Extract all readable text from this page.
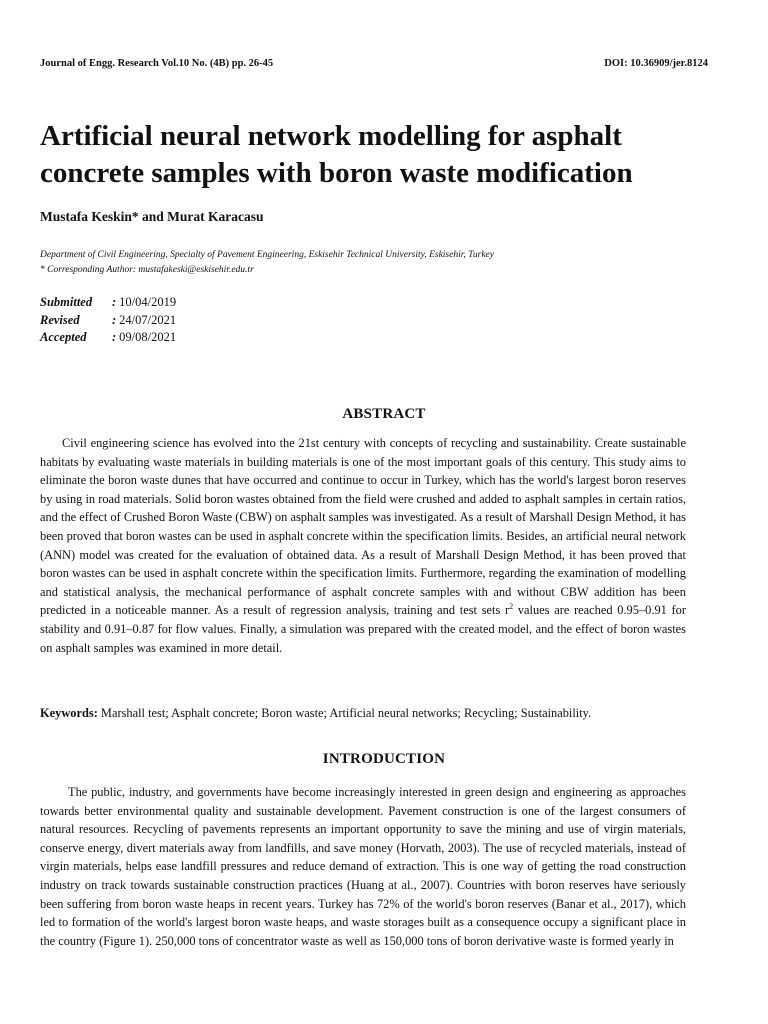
Journal of Engg. Research Vol.10 No. (4B) pp. 26-45	DOI: 10.36909/jer.8124
Artificial neural network modelling for asphalt concrete samples with boron waste modification
Mustafa Keskin* and Murat Karacasu
Department of Civil Engineering, Specialty of Pavement Engineering, Eskisehir Technical University, Eskisehir, Turkey
* Corresponding Author: mustafakeski@eskisehir.edu.tr
Submitted	: 10/04/2019
Revised	: 24/07/2021
Accepted	: 09/08/2021
ABSTRACT

Civil engineering science has evolved into the 21st century with concepts of recycling and sustainability. Create sustainable habitats by evaluating waste materials in building materials is one of the most important goals of this century. This study aims to eliminate the boron waste dunes that have occurred and continue to occur in Turkey, which has the world's largest boron reserves by using in road materials. Solid boron wastes obtained from the field were crushed and added to asphalt samples in certain ratios, and the effect of Crushed Boron Waste (CBW) on asphalt samples was investigated. As a result of Marshall Design Method, it has been proved that boron wastes can be used in asphalt concrete within the specification limits. Besides, an artificial neural network (ANN) model was created for the evaluation of obtained data. As a result of Marshall Design Method, it has been proved that boron wastes can be used in asphalt concrete within the specification limits. Furthermore, regarding the examination of modelling and statistical analysis, the mechanical performance of asphalt concrete samples with and without CBW addition has been predicted in a noticeable manner. As a result of regression analysis, training and test sets $r^2$ values are reached 0.95–0.91 for stability and 0.91–0.87 for flow values. Finally, a simulation was prepared with the created model, and the effect of boron wastes on asphalt samples was examined in more detail.

Keywords: Marshall test; Asphalt concrete; Boron waste; Artificial neural networks; Recycling; Sustainability.
INTRODUCTION

The public, industry, and governments have become increasingly interested in green design and engineering as approaches towards better environmental quality and sustainable development. Pavement construction is one of the largest consumers of natural resources. Recycling of pavements represents an important opportunity to save the mining and use of virgin materials, conserve energy, divert materials away from landfills, and save money (Horvath, 2003). The use of recycled materials, instead of virgin materials, helps ease landfill pressures and reduce demand of extraction. This is one way of getting the road construction industry on track towards sustainable construction practices (Huang at al., 2007). Countries with boron reserves have seriously been suffering from boron waste heaps in recent years. Turkey has 72% of the world's boron reserves (Banar et al., 2017), which led to formation of the world's largest boron waste heaps, and waste storages built as a consequence occupy a significant place in the country (Figure 1). 250,000 tons of concentrator waste as well as 150,000 tons of boron derivative waste is formed yearly in
